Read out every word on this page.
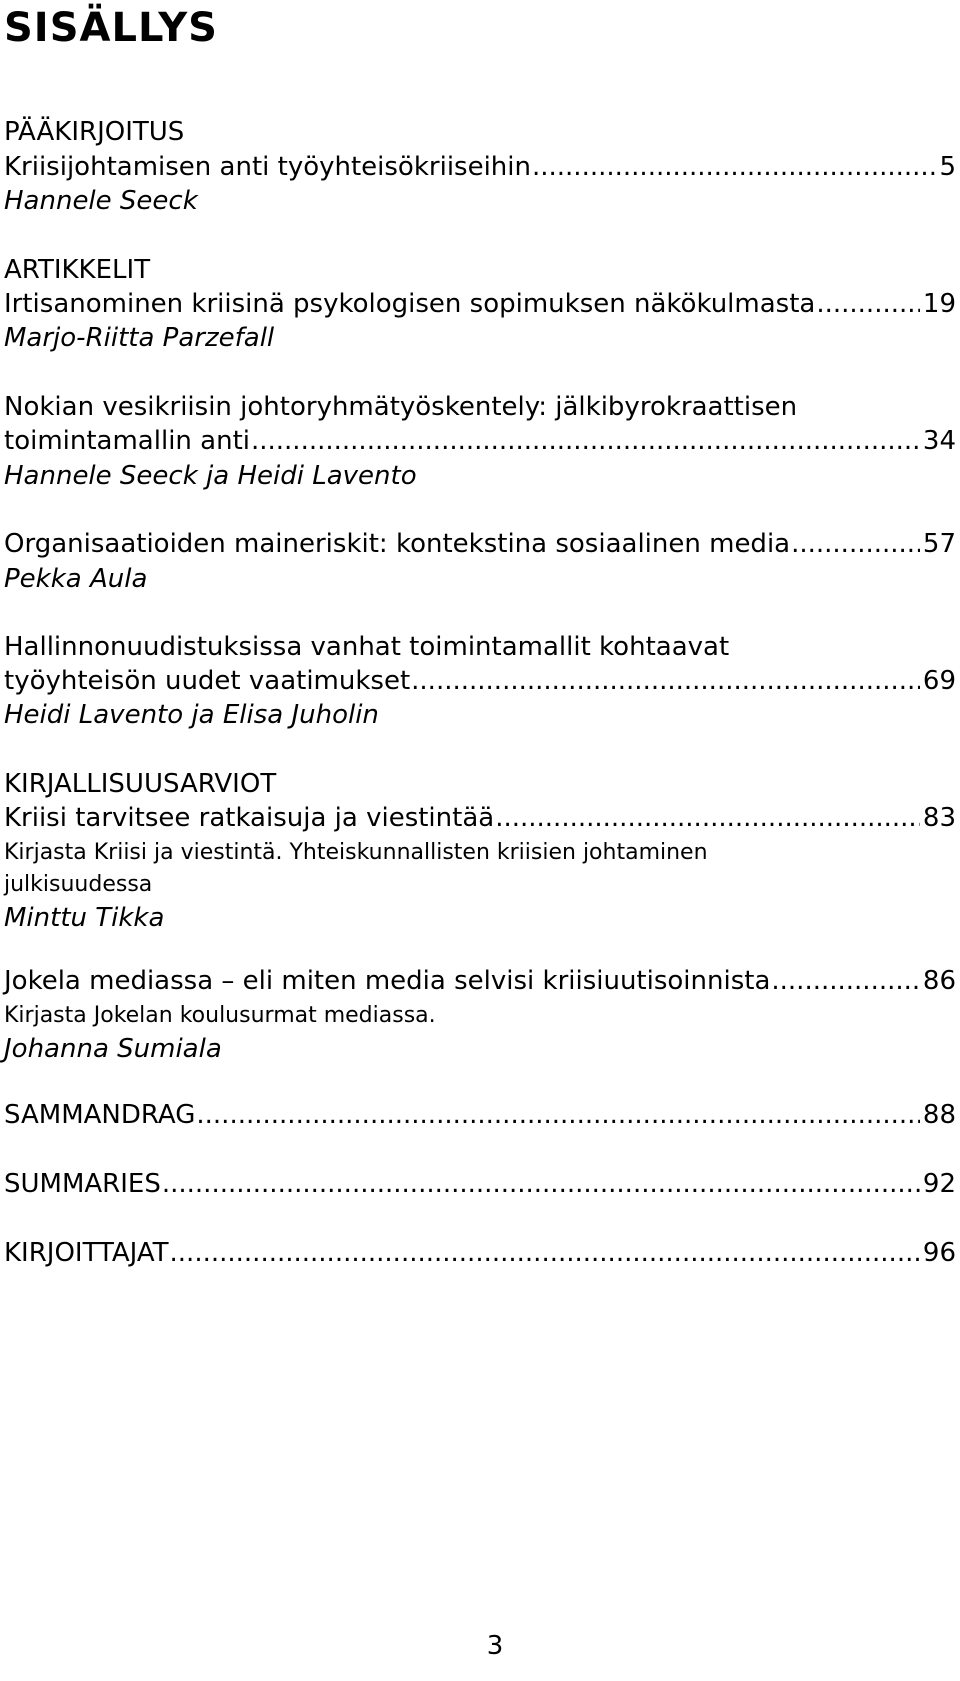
SISÄLLYS
PÄÄKIRJOITUS
Kriisijohtamisen anti työyhteisökriiseihin .....	5
Hannele Seeck
ARTIKKELIT
Irtisanominen kriisinä psykologisen sopimuksen näkökulmasta .....	19
Marjo-Riitta Parzefall
Nokian vesikriisin johtoryhmätyöskentely: jälkibyrokraattisen
toimintamallin anti .....	34
Hannele Seeck ja Heidi Lavento
Organisaatioiden maineriskit: kontekstina sosiaalinen media .....	57
Pekka Aula
Hallinnonuudistuksissa vanhat toimintamallit kohtaavat
työyhteisön uudet vaatimukset .....	69
Heidi Lavento ja Elisa Juholin
KIRJALLISUUSARVIOT
Kriisi tarvitsee ratkaisuja ja viestintää .....	83
Kirjasta Kriisi ja viestintä. Yhteiskunnallisten kriisien johtaminen
julkisuudessa
Minttu Tikka
Jokela mediassa – eli miten media selvisi kriisiuutisoinnista .....	86
Kirjasta Jokelan koulusurmat mediassa.
Johanna Sumiala
SAMMANDRAG .....	88
SUMMARIES .....	92
KIRJOITTAJAT .....	96
3
